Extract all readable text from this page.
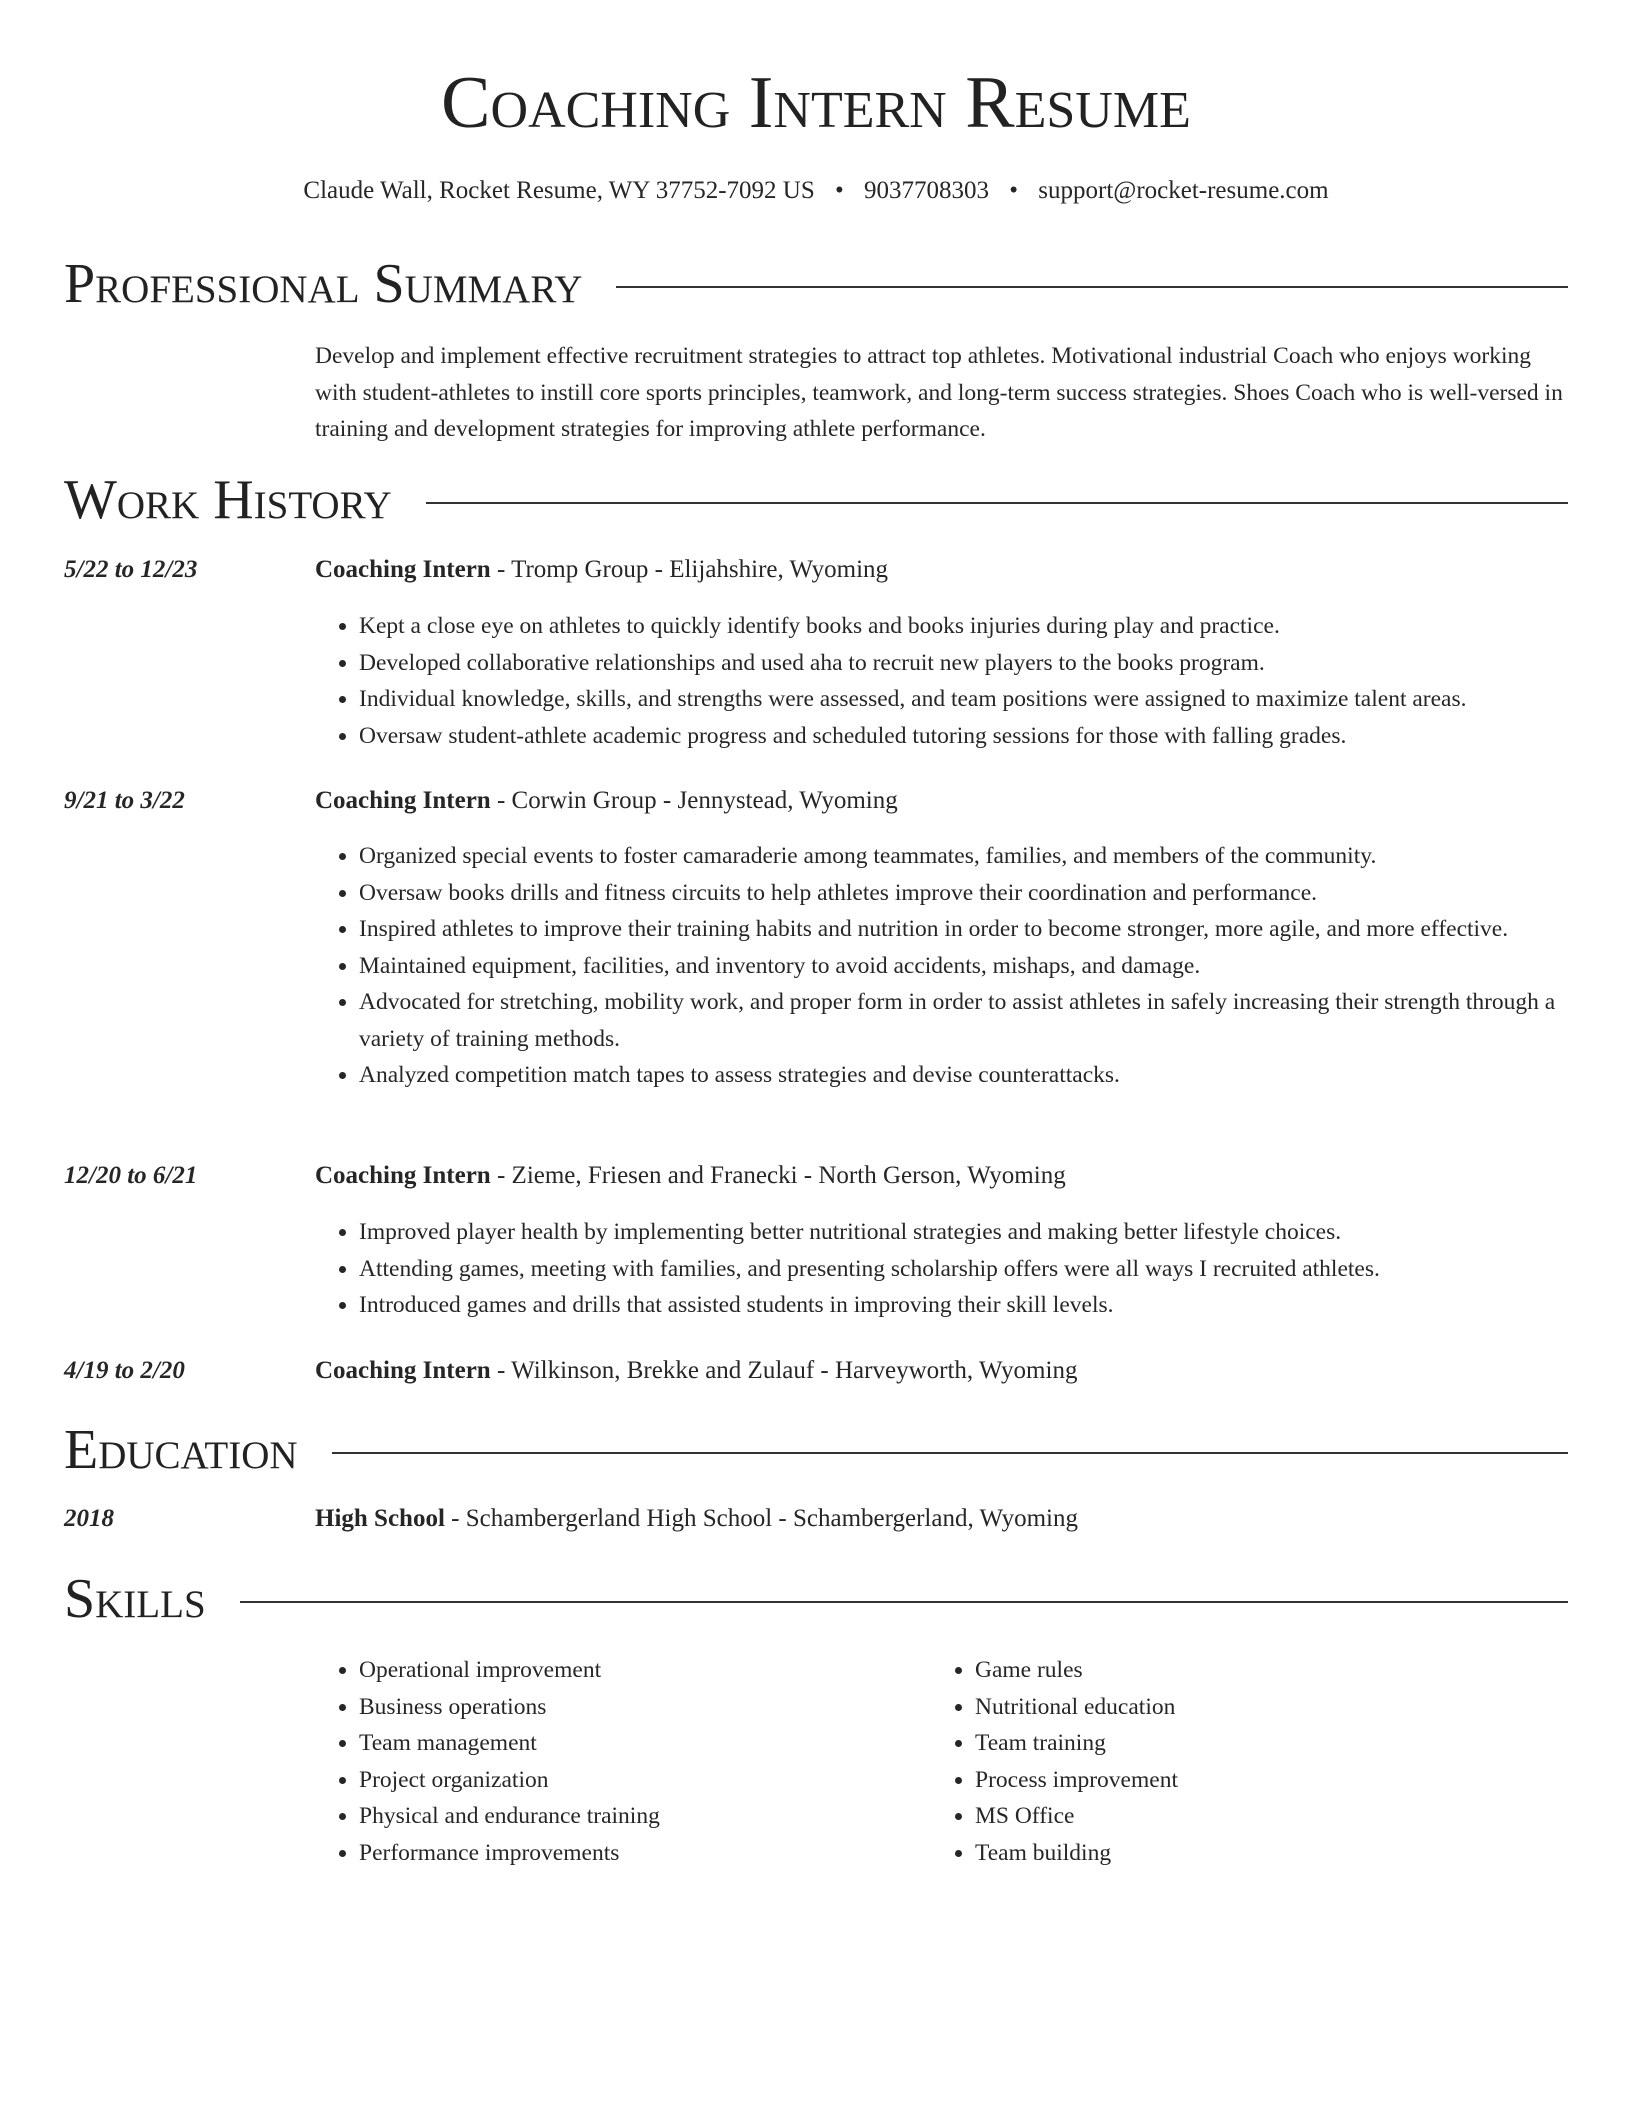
Coaching Intern Resume
Claude Wall, Rocket Resume, WY 37752-7092 US • 9037708303 • support@rocket-resume.com
Professional Summary
Develop and implement effective recruitment strategies to attract top athletes. Motivational industrial Coach who enjoys working with student-athletes to instill core sports principles, teamwork, and long-term success strategies. Shoes Coach who is well-versed in training and development strategies for improving athlete performance.
Work History
5/22 to 12/23	Coaching Intern - Tromp Group - Elijahshire, Wyoming
• Kept a close eye on athletes to quickly identify books and books injuries during play and practice.
• Developed collaborative relationships and used aha to recruit new players to the books program.
• Individual knowledge, skills, and strengths were assessed, and team positions were assigned to maximize talent areas.
• Oversaw student-athlete academic progress and scheduled tutoring sessions for those with falling grades.
9/21 to 3/22	Coaching Intern - Corwin Group - Jennystead, Wyoming
• Organized special events to foster camaraderie among teammates, families, and members of the community.
• Oversaw books drills and fitness circuits to help athletes improve their coordination and performance.
• Inspired athletes to improve their training habits and nutrition in order to become stronger, more agile, and more effective.
• Maintained equipment, facilities, and inventory to avoid accidents, mishaps, and damage.
• Advocated for stretching, mobility work, and proper form in order to assist athletes in safely increasing their strength through a variety of training methods.
• Analyzed competition match tapes to assess strategies and devise counterattacks.
12/20 to 6/21	Coaching Intern - Zieme, Friesen and Franecki - North Gerson, Wyoming
• Improved player health by implementing better nutritional strategies and making better lifestyle choices.
• Attending games, meeting with families, and presenting scholarship offers were all ways I recruited athletes.
• Introduced games and drills that assisted students in improving their skill levels.
4/19 to 2/20	Coaching Intern - Wilkinson, Brekke and Zulauf - Harveyworth, Wyoming
Education
2018	High School - Schambergerland High School - Schambergerland, Wyoming
Skills
• Operational improvement
• Business operations
• Team management
• Project organization
• Physical and endurance training
• Performance improvements
• Game rules
• Nutritional education
• Team training
• Process improvement
• MS Office
• Team building
